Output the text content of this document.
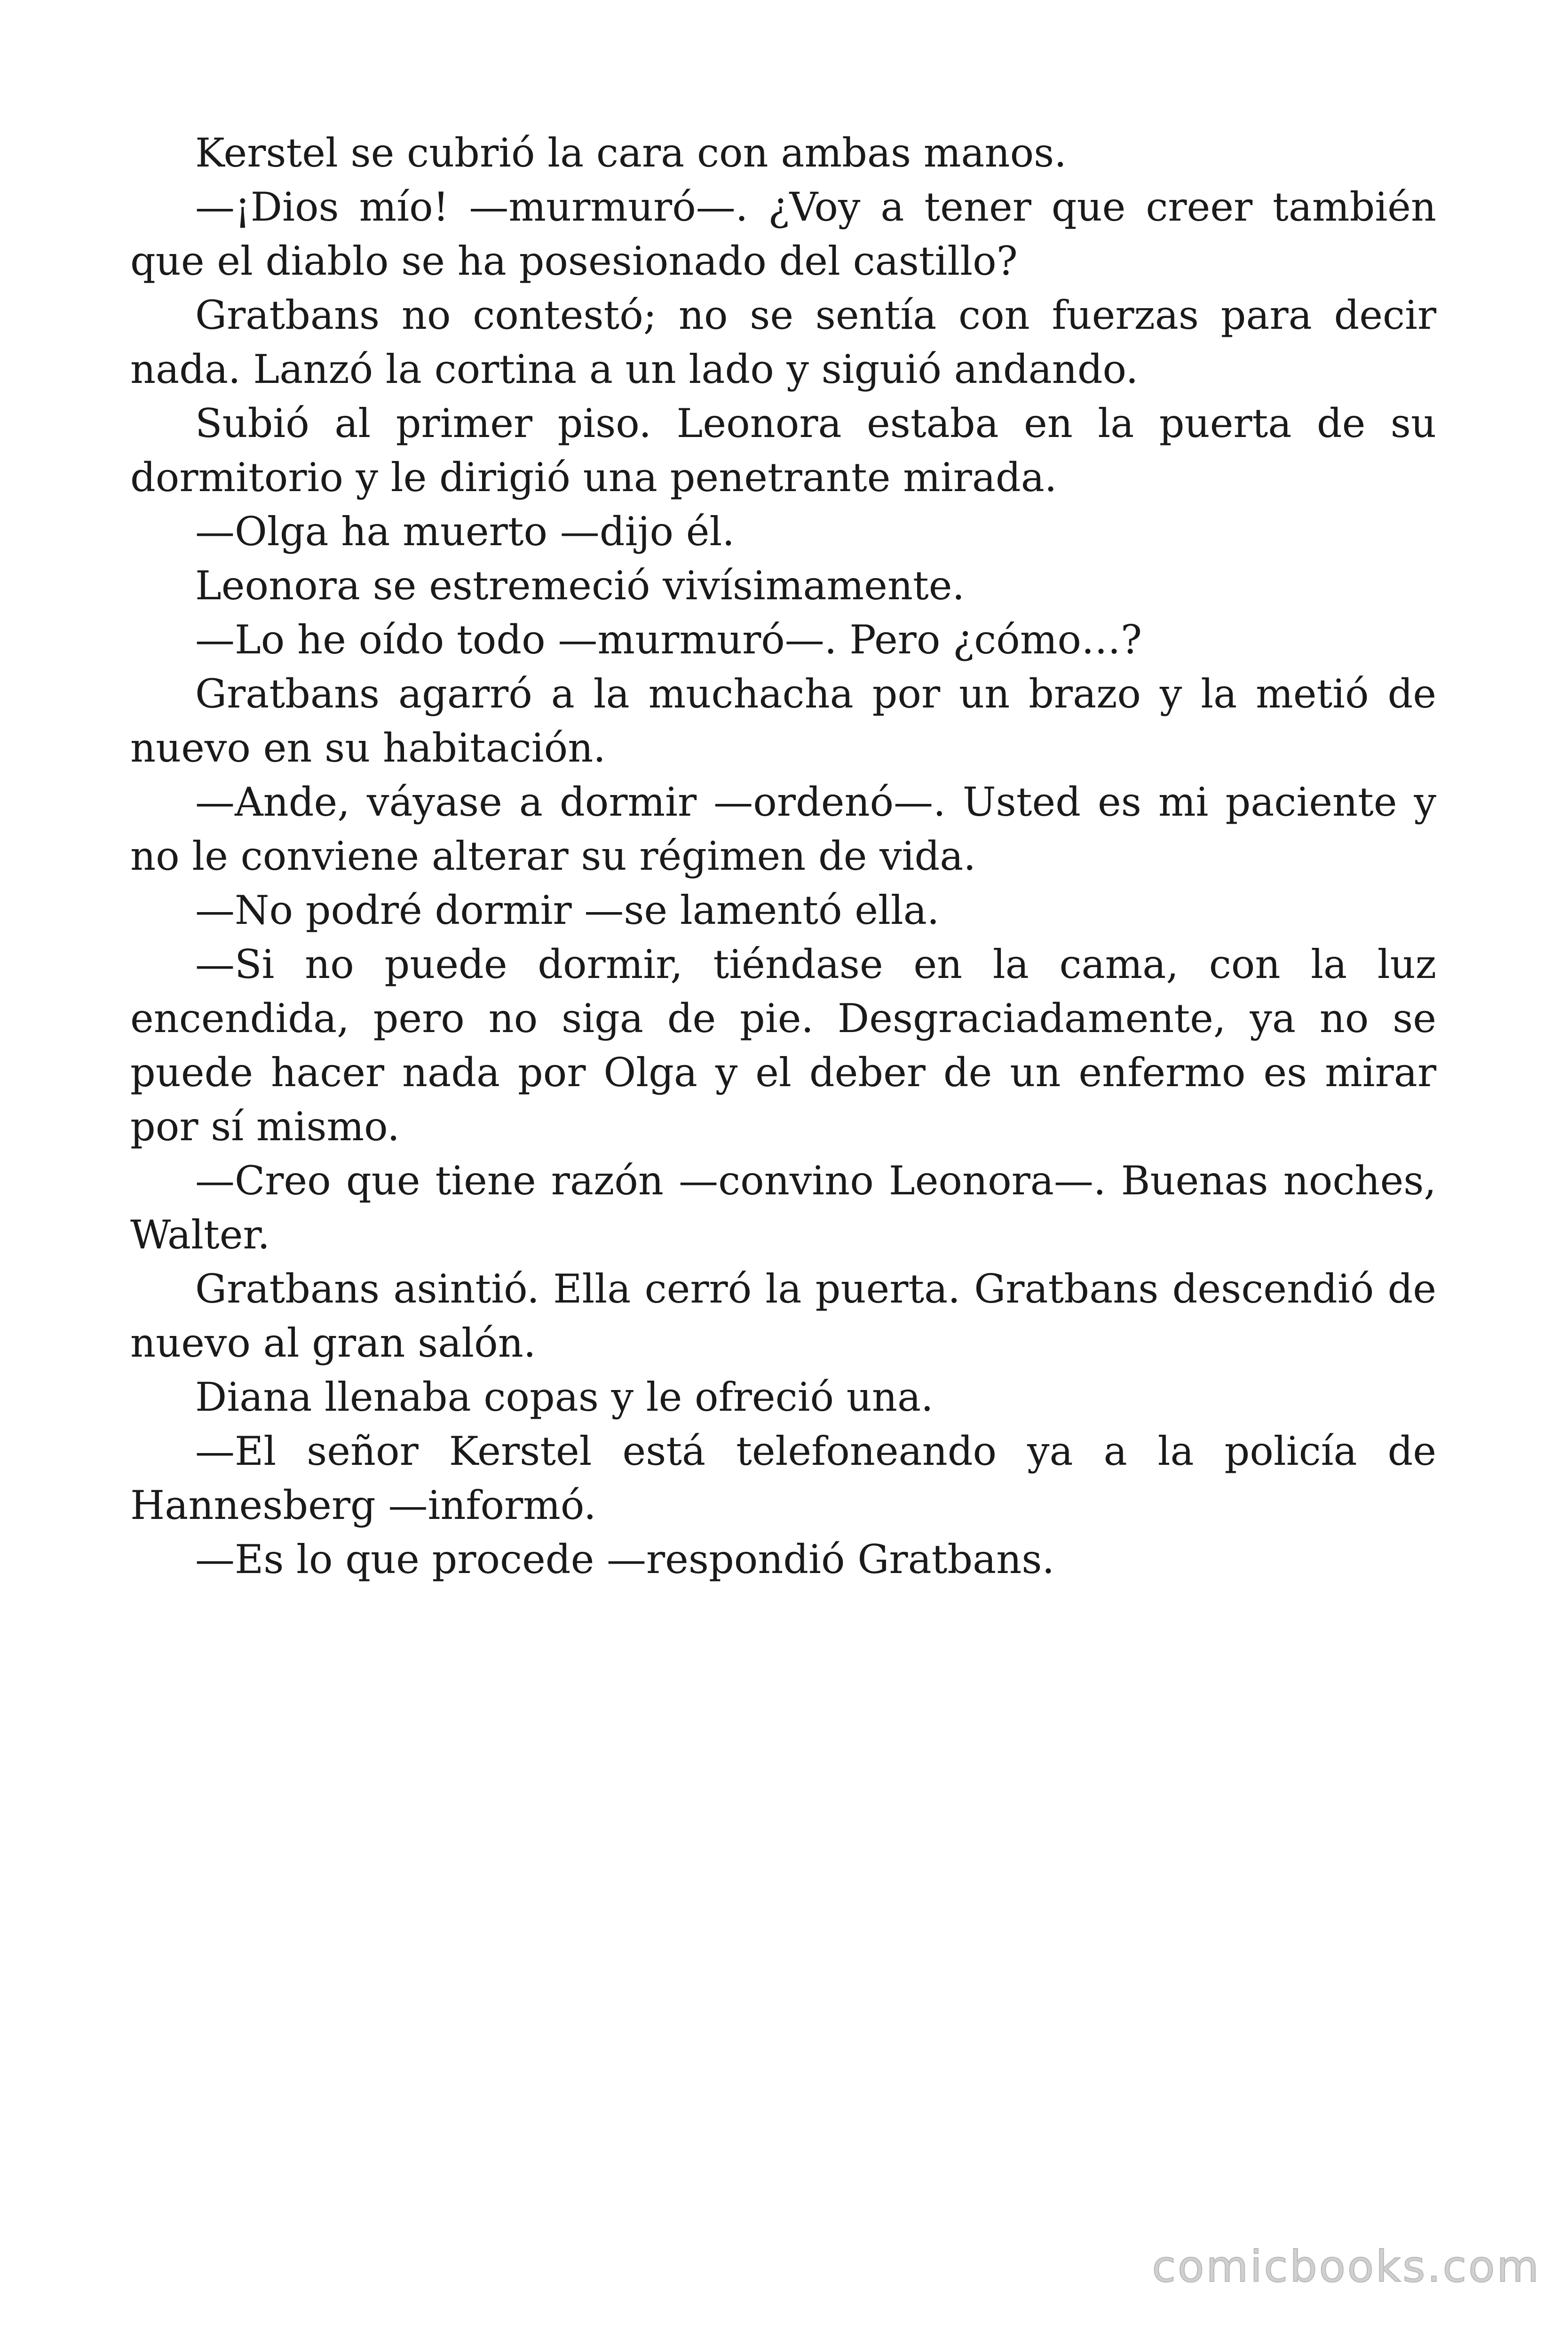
Kerstel se cubrió la cara con ambas manos.

—¡Dios mío! —murmuró—. ¿Voy a tener que creer también que el diablo se ha posesionado del castillo?

Gratbans no contestó; no se sentía con fuerzas para decir nada. Lanzó la cortina a un lado y siguió andando.

Subió al primer piso. Leonora estaba en la puerta de su dormitorio y le dirigió una penetrante mirada.

—Olga ha muerto —dijo él.

Leonora se estremeció vivísimamente.

—Lo he oído todo —murmuró—. Pero ¿cómo…?

Gratbans agarró a la muchacha por un brazo y la metió de nuevo en su habitación.

—Ande, váyase a dormir —ordenó—. Usted es mi paciente y no le conviene alterar su régimen de vida.

—No podré dormir —se lamentó ella.

—Si no puede dormir, tiéndase en la cama, con la luz encendida, pero no siga de pie. Desgraciadamente, ya no se puede hacer nada por Olga y el deber de un enfermo es mirar por sí mismo.

—Creo que tiene razón —convino Leonora—. Buenas noches, Walter.

Gratbans asintió. Ella cerró la puerta. Gratbans descendió de nuevo al gran salón.

Diana llenaba copas y le ofreció una.

—El señor Kerstel está telefoneando ya a la policía de Hannesberg —informó.

—Es lo que procede —respondió Gratbans.

comicbooks.com
